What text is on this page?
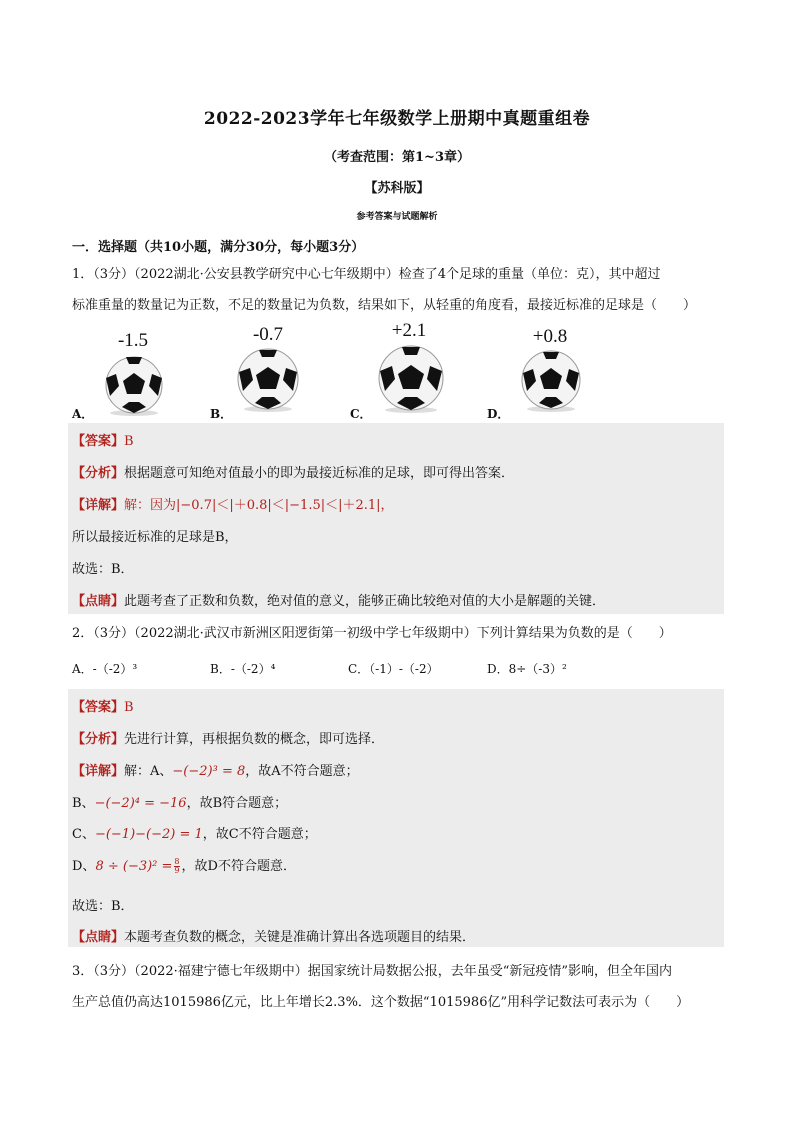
2022-2023学年七年级数学上册期中真题重组卷
（考查范围：第1~3章）
【苏科版】
参考答案与试题解析
一．选择题（共10小题，满分30分，每小题3分）
1．（3分）（2022湖北·公安县教学研究中心七年级期中）检查了4个足球的重量（单位：克），其中超过
标准重量的数量记为正数，不足的数量记为负数，结果如下，从轻重的角度看，最接近标准的足球是（　　）
-1.5	-0.7	+2.1	+0.8
A．	B．	C．	D．
【答案】B
【分析】根据题意可知绝对值最小的即为最接近标准的足球，即可得出答案．
【详解】解：因为|−0.7|＜|＋0.8|＜|−1.5|＜|＋2.1|，
所以最接近标准的足球是B，
故选：B．
【点睛】此题考查了正数和负数，绝对值的意义，能够正确比较绝对值的大小是解题的关键．
2．（3分）（2022湖北·武汉市新洲区阳逻街第一初级中学七年级期中）下列计算结果为负数的是（　　）
A．-（-2）³	B．-（-2）⁴	C．（-1）-（-2）	D．8÷（-3）²
【答案】B
【分析】先进行计算，再根据负数的概念，即可选择．
【详解】解：A、−(−2)³ = 8，故A不符合题意；
B、−(−2)⁴ = −16，故B符合题意；
C、−(−1)−(−2) = 1，故C不符合题意；
D、$8 \div (-3)^2 = \frac{8}{9}$ ，故D不符合题意．
故选：B．
【点睛】本题考查负数的概念，关键是准确计算出各选项题目的结果．
3．（3分）（2022·福建宁德七年级期中）据国家统计局数据公报，去年虽受“新冠疫情”影响，但全年国内
生产总值仍高达1015986亿元，比上年增长2.3%．这个数据“1015986亿”用科学记数法可表示为（　　）
